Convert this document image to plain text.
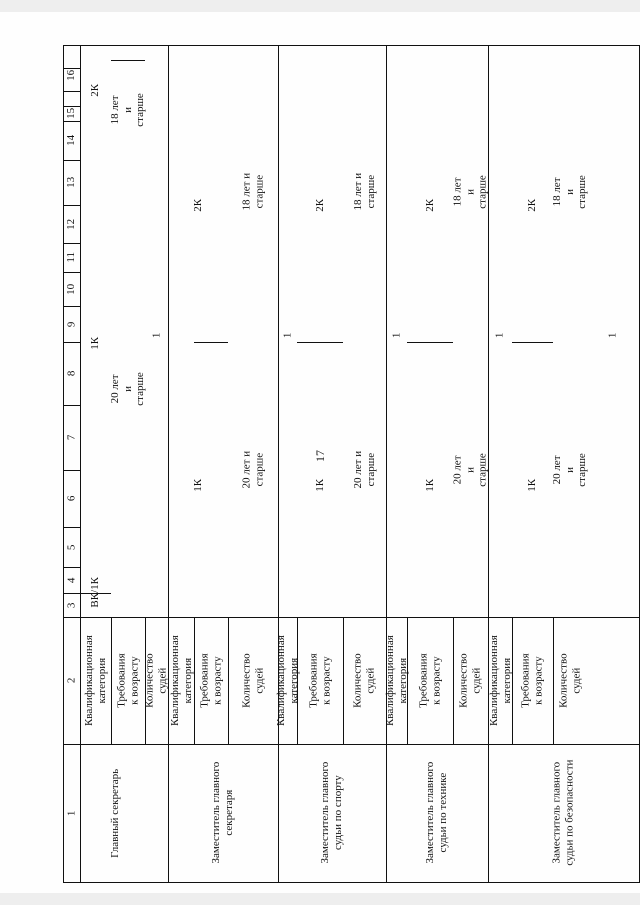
17
Главный секретарь	Заместитель главного
секретаря	Заместитель главного
судьи по спорту
Заместитель главного
судьи по технике
Заместитель главного
судьи по безопасности
1
2
3
4
5
6
7
8
9
10
11
12
13
14
15
16
Квалификационная
категория Требования
к возрасту Количество судей Квалификационная
категория Требования
к возрасту Количество судей Квалификационная
категория Требования
к возрасту Количество судей Квалификационная
категория Требования
к возрасту Количество судей Квалификационная
категория Требования
к возрасту Количество судей
ВК/1К
1К
2К
20 лет и старше
18 лет и старше
1
1К
2К
20 лет и старше
18 лет и старше
1
1К
2К
20 лет и старше
18 лет и старше
1
1К
2К
20 лет и старше
18 лет и старше
1
1К
2К
20 лет и старше
18 лет и старше
1
